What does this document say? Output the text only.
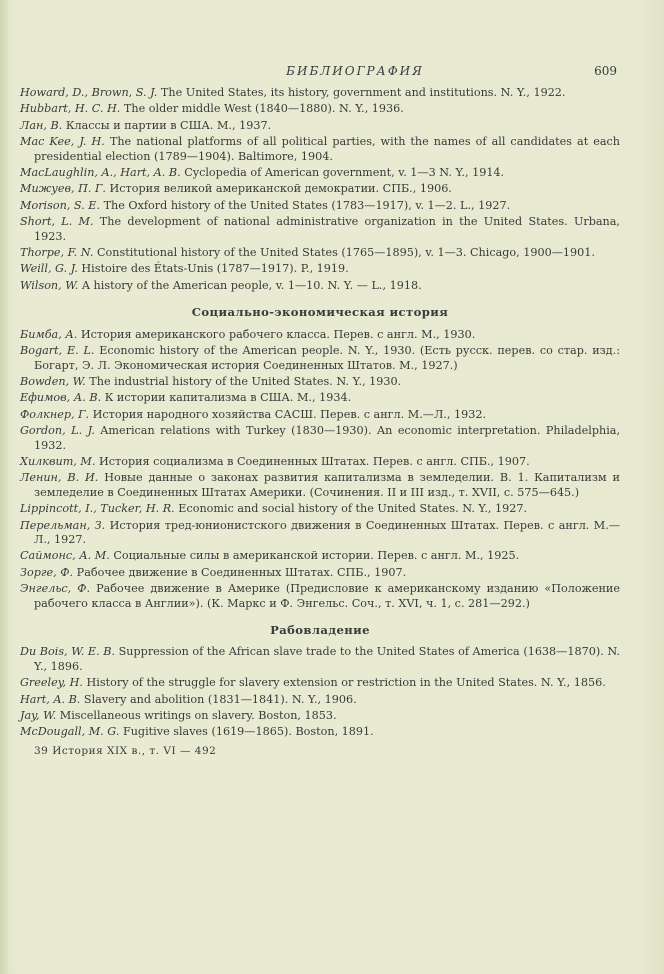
БИБЛИОГРАФИЯ	609
Howard, D., Brown, S. J. The United States, its history, government and institutions. N. Y., 1922.
Hubbart, H. C. H. The older middle West (1840—1880). N. Y., 1936.
Лан, В. Классы и партии в США. М., 1937.
Mac Kee, J. H. The national platforms of all political parties, with the names of all candidates at each presidential election (1789—1904). Baltimore, 1904.
MacLaughlin, A., Hart, A. B. Cyclopedia of American government, v. 1—3 N. Y., 1914.
Мижуев, П. Г. История великой американской демократии. СПБ., 1906.
Morison, S. E. The Oxford history of the United States (1783—1917), v. 1—2. L., 1927.
Short, L. M. The development of national administrative organization in the United States. Urbana, 1923.
Thorpe, F. N. Constitutional history of the United States (1765—1895), v. 1—3. Chicago, 1900—1901.
Weill, G. J. Histoire des États-Unis (1787—1917). P., 1919.
Wilson, W. A history of the American people, v. 1—10. N. Y. — L., 1918.
Социально-экономическая история
Бимба, А. История американского рабочего класса. Перев. с англ. М., 1930.
Bogart, E. L. Economic history of the American people. N. Y., 1930. (Есть русск. перев. со стар. изд.: Богарт, Э. Л. Экономическая история Соединенных Штатов. М., 1927.)
Bowden, W. The industrial history of the United States. N. Y., 1930.
Ефимов, А. В. К истории капитализма в США. М., 1934.
Фолкнер, Г. История народного хозяйства САСШ. Перев. с англ. М.—Л., 1932.
Gordon, L. J. American relations with Turkey (1830—1930). An economic interpretation. Philadelphia, 1932.
Хилквит, М. История социализма в Соединенных Штатах. Перев. с англ. СПБ., 1907.
Ленин, В. И. Новые данные о законах развития капитализма в земледелии. В. 1. Капитализм и земледелие в Соединенных Штатах Америки. (Сочинения. II и III изд., т. XVII, с. 575—645.)
Lippincott, I., Tucker, H. R. Economic and social history of the United States. N. Y., 1927.
Перельман, З. История тред-юнионистского движения в Соединенных Штатах. Перев. с англ. М.—Л., 1927.
Саймонс, А. М. Социальные силы в американской истории. Перев. с англ. М., 1925.
Зорге, Ф. Рабочее движение в Соединенных Штатах. СПБ., 1907.
Энгельс, Ф. Рабочее движение в Америке (Предисловие к американскому изданию «Положение рабочего класса в Англии»). (К. Маркс и Ф. Энгельс. Соч., т. XVI, ч. 1, с. 281—292.)
Рабовладение
Du Bois, W. E. B. Suppression of the African slave trade to the United States of America (1638—1870). N. Y., 1896.
Greeley, H. History of the struggle for slavery extension or restriction in the United States. N. Y., 1856.
Hart, A. B. Slavery and abolition (1831—1841). N. Y., 1906.
Jay, W. Miscellaneous writings on slavery. Boston, 1853.
McDougall, M. G. Fugitive slaves (1619—1865). Boston, 1891.
39 История XIX в., т. VI — 492
